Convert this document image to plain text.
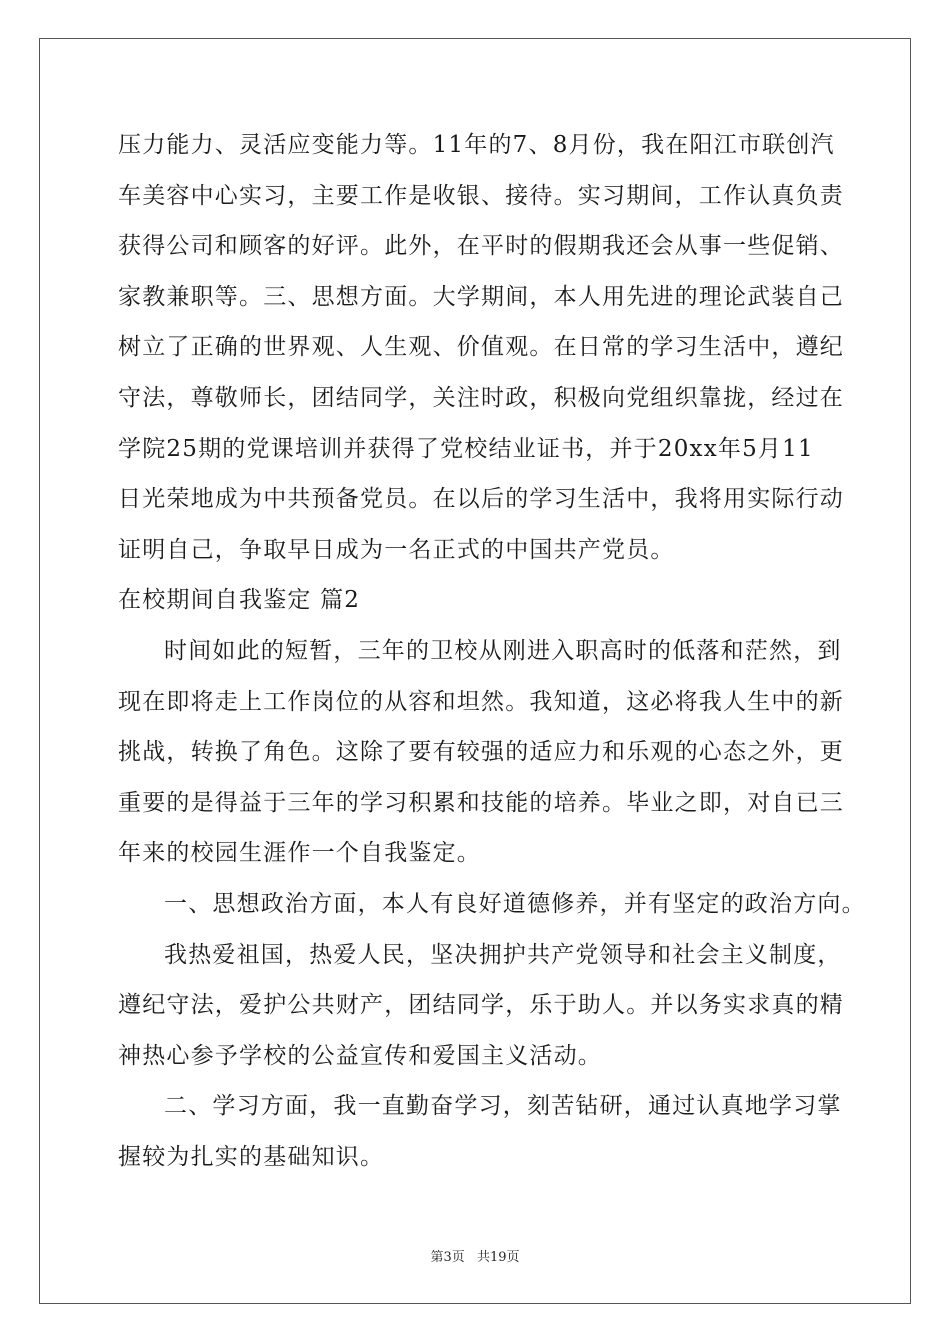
压力能力、灵活应变能力等。11年的7、8月份，我在阳江市联创汽
车美容中心实习，主要工作是收银、接待。实习期间，工作认真负责
获得公司和顾客的好评。此外，在平时的假期我还会从事一些促销、
家教兼职等。三、思想方面。大学期间，本人用先进的理论武装自己
树立了正确的世界观、人生观、价值观。在日常的学习生活中，遵纪
守法，尊敬师长，团结同学，关注时政，积极向党组织靠拢，经过在
学院25期的党课培训并获得了党校结业证书，并于20xx年5月11
日光荣地成为中共预备党员。在以后的学习生活中，我将用实际行动
证明自己，争取早日成为一名正式的中国共产党员。
在校期间自我鉴定 篇2
时间如此的短暂，三年的卫校从刚进入职高时的低落和茫然，到
现在即将走上工作岗位的从容和坦然。我知道，这必将我人生中的新
挑战，转换了角色。这除了要有较强的适应力和乐观的心态之外，更
重要的是得益于三年的学习积累和技能的培养。毕业之即，对自已三
年来的校园生涯作一个自我鉴定。
一、思想政治方面，本人有良好道德修养，并有坚定的政治方向。
我热爱祖国，热爱人民，坚决拥护共产党领导和社会主义制度，
遵纪守法，爱护公共财产，团结同学，乐于助人。并以务实求真的精
神热心参予学校的公益宣传和爱国主义活动。
二、学习方面，我一直勤奋学习，刻苦钻研，通过认真地学习掌
握较为扎实的基础知识。
第3页 共19页
